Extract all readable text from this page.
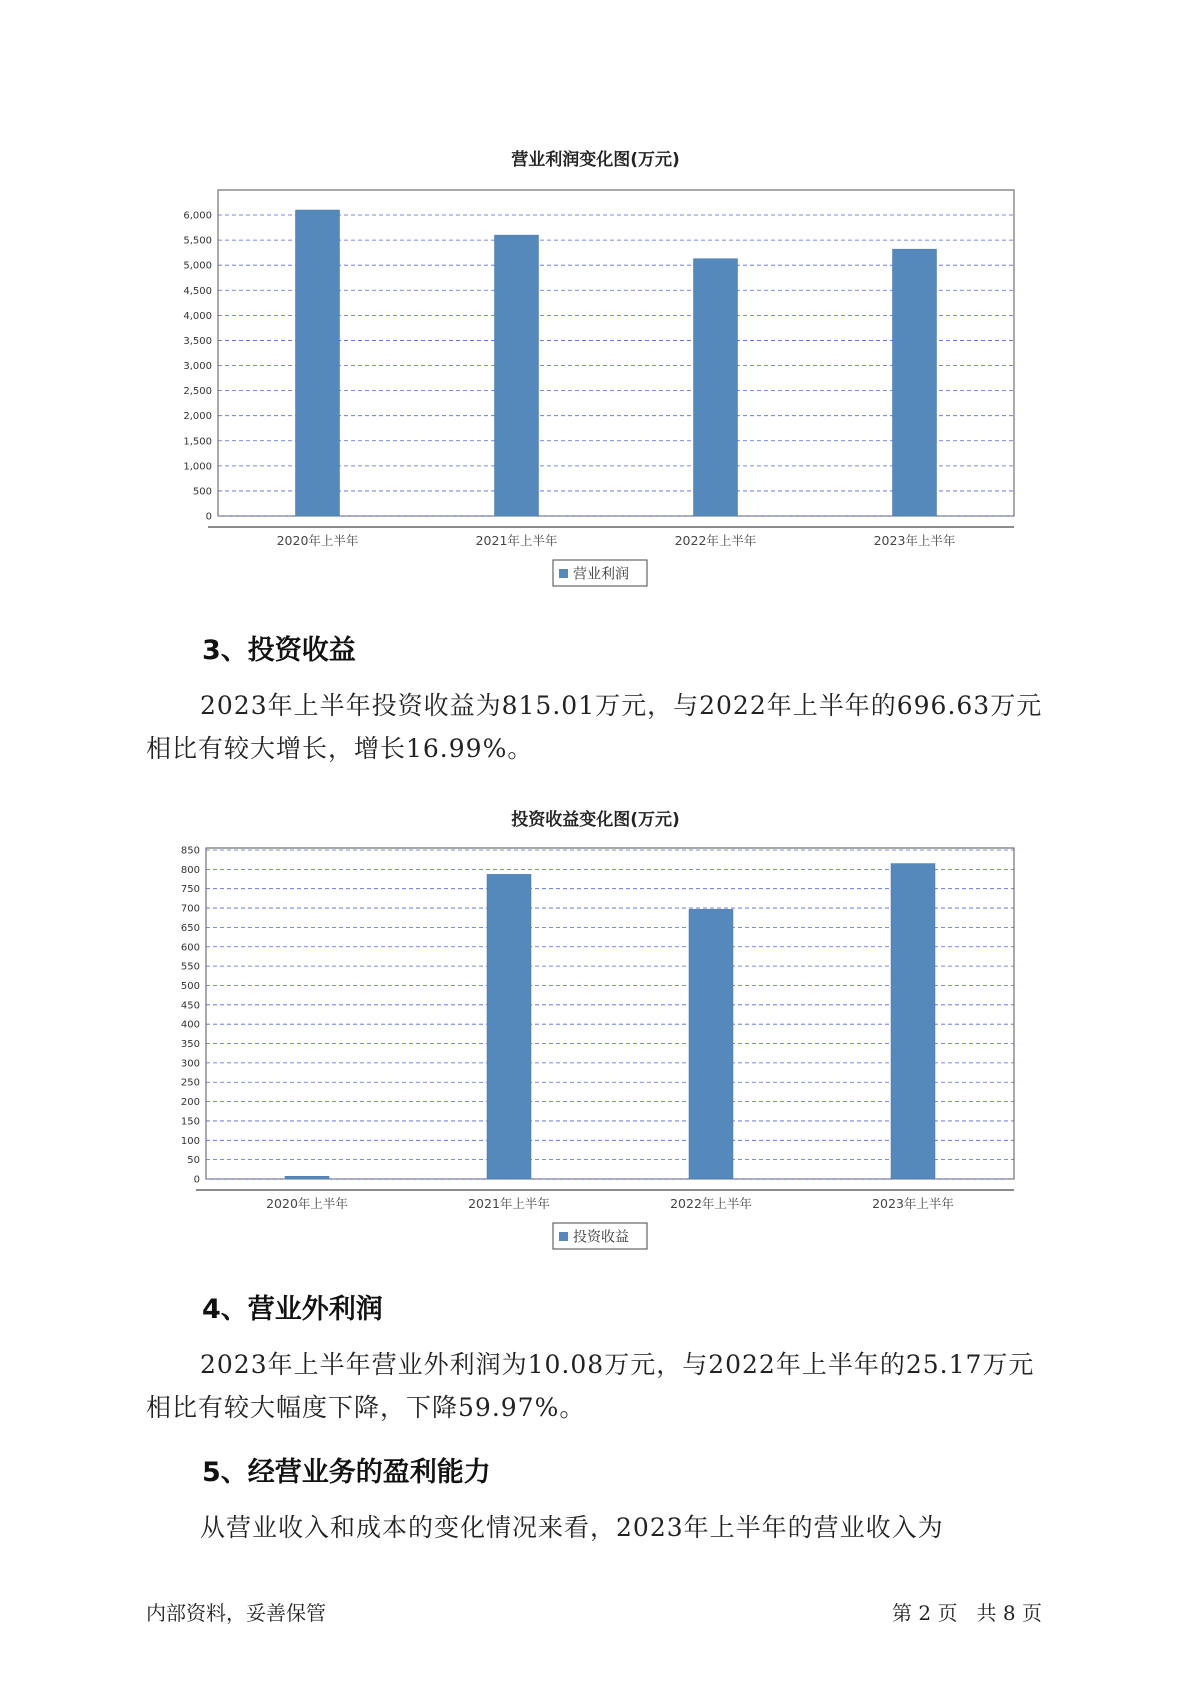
营业利润变化图(万元)
0
500
1,000
1,500
2,000
2,500
3,000
3,500
4,000
4,500
5,000
5,500
6,000
2020年上半年	2021年上半年	2022年上半年	2023年上半年
营业利润
3、投资收益

2023年上半年投资收益为815.01万元，与2022年上半年的696.63万元相比有较大增长，增长16.99%。

投资收益变化图(万元)
0
50
100
150
200
250
300
350
400
450
500
550
600
650
700
750
800
850
2020年上半年	2021年上半年	2022年上半年	2023年上半年
投资收益
4、营业外利润

2023年上半年营业外利润为10.08万元，与2022年上半年的25.17万元相比有较大幅度下降，下降59.97%。

5、经营业务的盈利能力

从营业收入和成本的变化情况来看，2023年上半年的营业收入为

内部资料，妥善保管	第 2 页   共 8 页
